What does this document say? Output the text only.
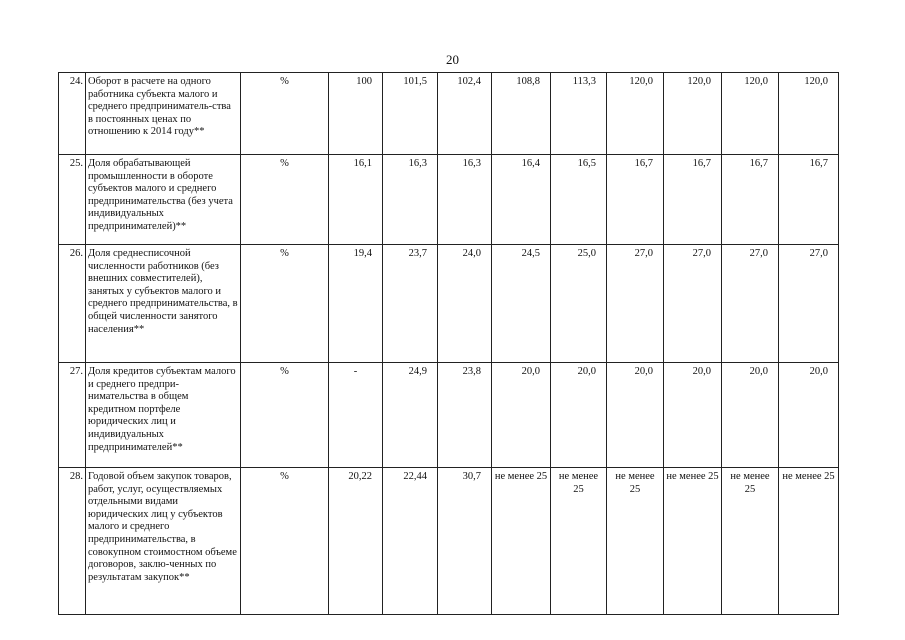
20
24.	Оборот в расчете на одного работника субъекта малого и среднего предприниматель-ства в постоянных ценах по отношению к 2014 году**	%	100	101,5	102,4	108,8	113,3	120,0	120,0	120,0	120,0
25.	Доля обрабатывающей промышленности в обороте субъектов малого и среднего предпринимательства (без учета индивидуальных предпринимателей)**	%	16,1	16,3	16,3	16,4	16,5	16,7	16,7	16,7	16,7
26.	Доля среднесписочной численности работников (без внешних совместителей), занятых у субъектов малого и среднего предпринимательства, в общей численности занятого населения**	%	19,4	23,7	24,0	24,5	25,0	27,0	27,0	27,0	27,0
27.	Доля кредитов субъектам малого и среднего предпри-нимательства в общем кредитном портфеле юридических лиц и индивидуальных предпринимателей**	%	-	24,9	23,8	20,0	20,0	20,0	20,0	20,0	20,0
28.	Годовой объем закупок товаров, работ, услуг, осуществляемых отдельными видами юридических лиц у субъектов малого и среднего предпринимательства, в совокупном стоимостном объеме договоров, заклю-ченных по результатам закупок**	%	20,22	22,44	30,7	не менее 25	не менее 25	не менее 25	не менее 25	не менее 25	не менее 25
